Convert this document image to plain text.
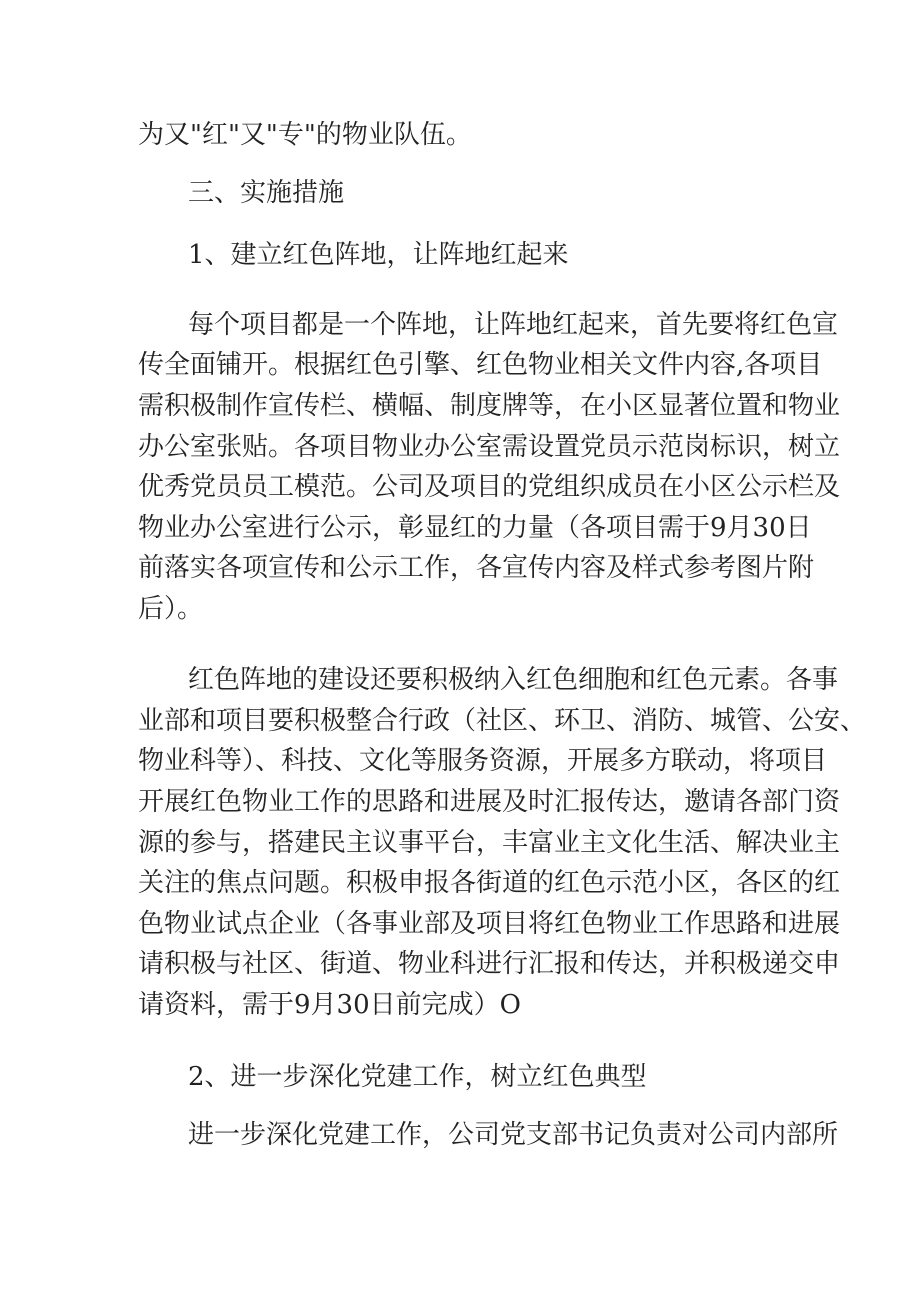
为又"红"又"专"的物业队伍。
三、实施措施
1、建立红色阵地，让阵地红起来
每个项目都是一个阵地，让阵地红起来，首先要将红色宣
传全面铺开。根据红色引擎、红色物业相关文件内容,各项目
需积极制作宣传栏、横幅、制度牌等，在小区显著位置和物业
办公室张贴。各项目物业办公室需设置党员示范岗标识，树立
优秀党员员工模范。公司及项目的党组织成员在小区公示栏及
物业办公室进行公示，彰显红的力量（各项目需于9月30日
前落实各项宣传和公示工作，各宣传内容及样式参考图片附
后）。
红色阵地的建设还要积极纳入红色细胞和红色元素。各事
业部和项目要积极整合行政（社区、环卫、消防、城管、公安、
物业科等）、科技、文化等服务资源，开展多方联动，将项目
开展红色物业工作的思路和进展及时汇报传达，邀请各部门资
源的参与，搭建民主议事平台，丰富业主文化生活、解决业主
关注的焦点问题。积极申报各街道的红色示范小区，各区的红
色物业试点企业（各事业部及项目将红色物业工作思路和进展
请积极与社区、街道、物业科进行汇报和传达，并积极递交申
请资料，需于9月30日前完成）O
2、进一步深化党建工作，树立红色典型
进一步深化党建工作，公司党支部书记负责对公司内部所
